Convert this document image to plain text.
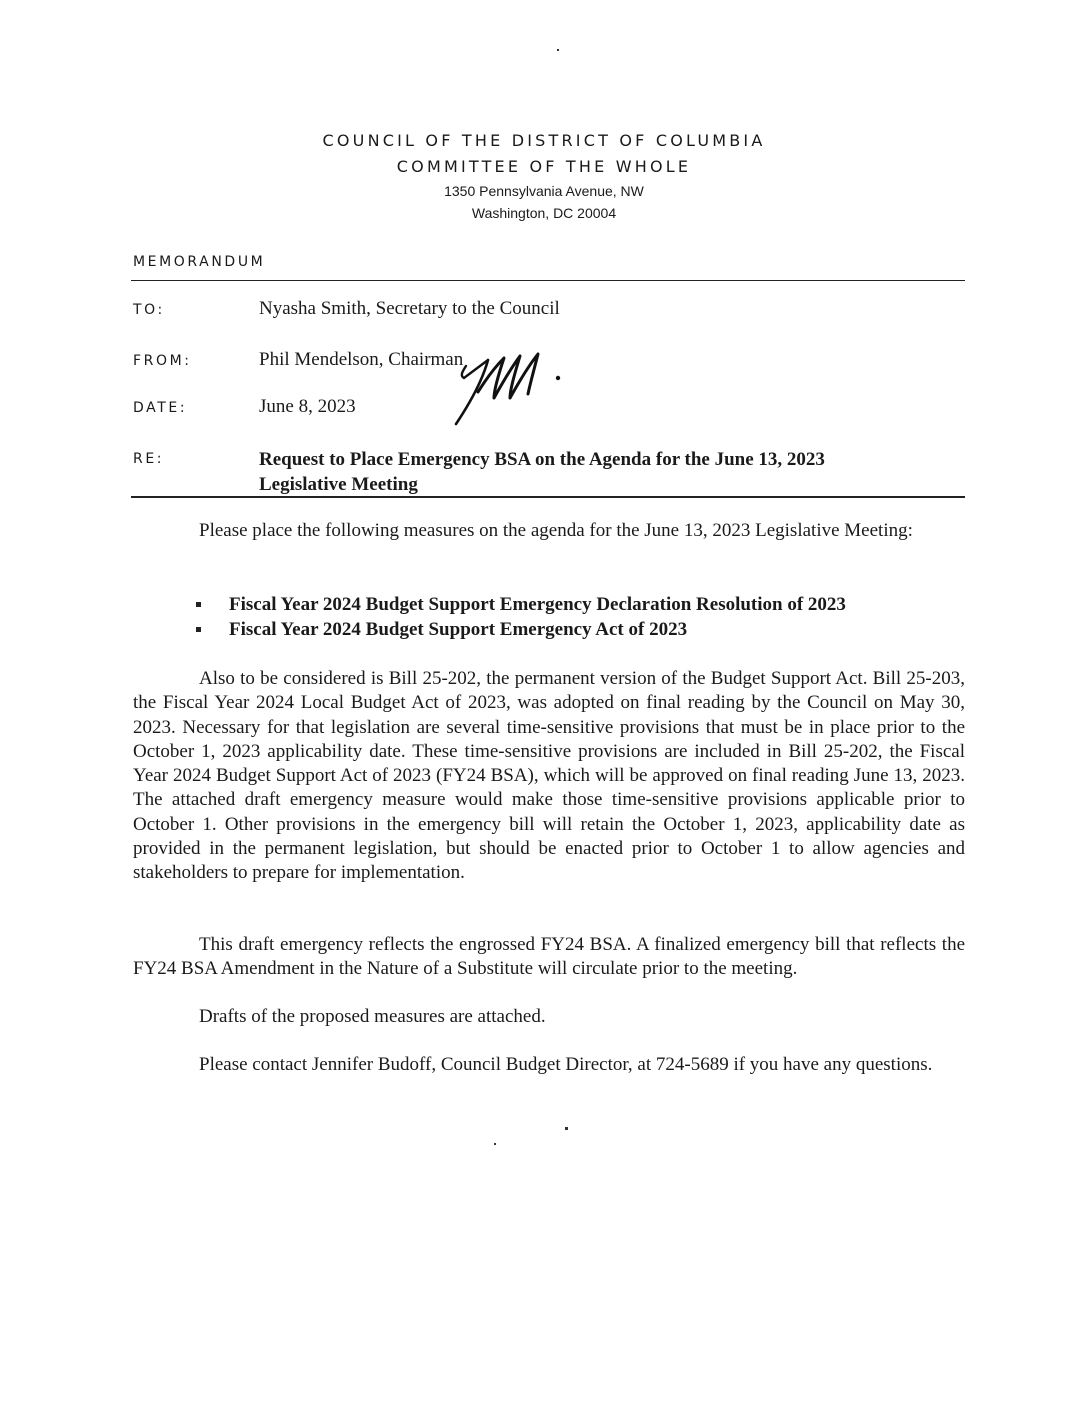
COUNCIL OF THE DISTRICT OF COLUMBIA
COMMITTEE OF THE WHOLE
1350 Pennsylvania Avenue, NW
Washington, DC 20004
MEMORANDUM
TO:	Nyasha Smith, Secretary to the Council
FROM:	Phil Mendelson, Chairman
DATE:	June 8, 2023
RE:	Request to Place Emergency BSA on the Agenda for the June 13, 2023
Legislative Meeting
Please place the following measures on the agenda for the June 13, 2023 Legislative Meeting:
Fiscal Year 2024 Budget Support Emergency Declaration Resolution of 2023
Fiscal Year 2024 Budget Support Emergency Act of 2023
Also to be considered is Bill 25-202, the permanent version of the Budget Support Act. Bill 25-203, the Fiscal Year 2024 Local Budget Act of 2023, was adopted on final reading by the Council on May 30, 2023. Necessary for that legislation are several time-sensitive provisions that must be in place prior to the October 1, 2023 applicability date. These time-sensitive provisions are included in Bill 25-202, the Fiscal Year 2024 Budget Support Act of 2023 (FY24 BSA), which will be approved on final reading June 13, 2023. The attached draft emergency measure would make those time-sensitive provisions applicable prior to October 1. Other provisions in the emergency bill will retain the October 1, 2023, applicability date as provided in the permanent legislation, but should be enacted prior to October 1 to allow agencies and stakeholders to prepare for implementation.
This draft emergency reflects the engrossed FY24 BSA. A finalized emergency bill that reflects the FY24 BSA Amendment in the Nature of a Substitute will circulate prior to the meeting.
Drafts of the proposed measures are attached.
Please contact Jennifer Budoff, Council Budget Director, at 724-5689 if you have any questions.
